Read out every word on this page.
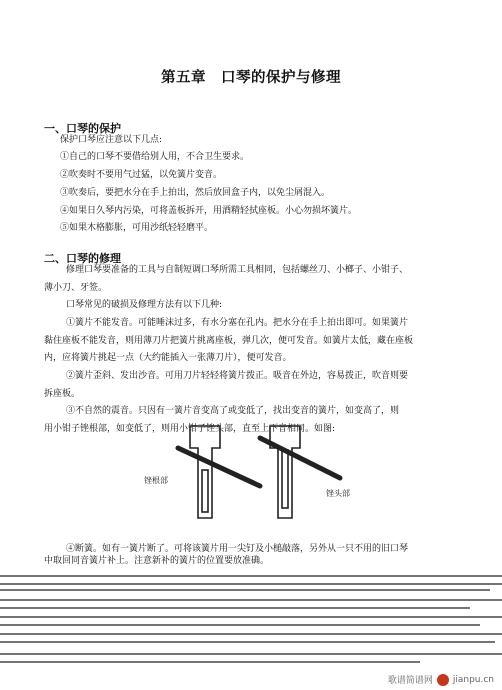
第五章　口琴的保护与修理
一、口琴的保护
保护口琴应注意以下几点:
①自己的口琴不要借给别人用，不合卫生要求。
②吹奏时不要用气过猛，以免簧片变音。
③吹奏后，要把水分在手上拍出，然后放回盒子内，以免尘屑混入。
④如果日久琴内污染，可将盖板拆开，用酒精轻拭座板。小心勿损坏簧片。
⑤如果木格膨胀，可用沙纸轻轻磨平。
二、口琴的修理
修理口琴要准备的工具与自制短调口琴所需工具相同，包括螺丝刀、小榔子、小钳子、
薄小刀、牙签。
口琴常见的破损及修理方法有以下几种:
①簧片不能发音。可能唾沫过多，有水分塞在孔内。把水分在手上拍出即可。如果簧片
黏住座板不能发音，则用薄刀片把簧片挑离座板，弹几次，便可发音。如簧片太低，藏在座板
内，应将簧片挑起一点（大约能插入一张薄刀片），便可发音。
②簧片歪斜、发出沙音。可用刀片轻轻将簧片拨正。吸音在外边，容易拨正，吹音则要
拆座板。
③不自然的震音。只因有一簧片音变高了或变低了，找出变音的簧片，如变高了，则
用小钳子锉根部，如变低了，则用小钳子锉头部，直至上下音相同。如图:
锉根部
锉头部
④断簧。如有一簧片断了。可将该簧片用一尖钉及小槌敲落，另外从一只不用的旧口琴
中取回同音簧片补上。注意新补的簧片的位置要放准确。
歌谱简谱网 jianpu.cn
